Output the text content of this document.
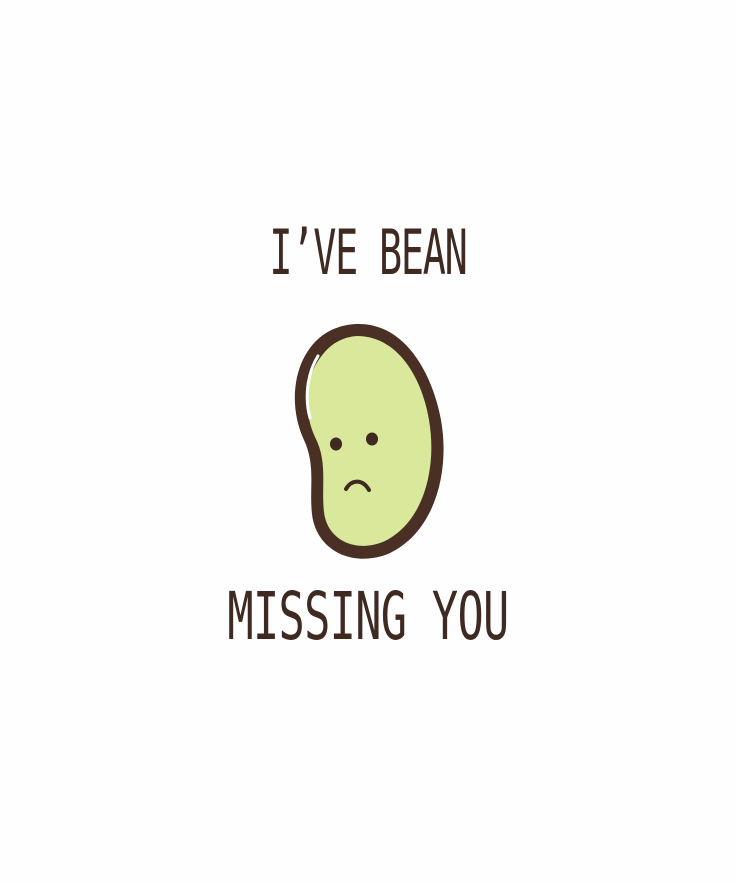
I’VE BEAN
MISSING YOU
